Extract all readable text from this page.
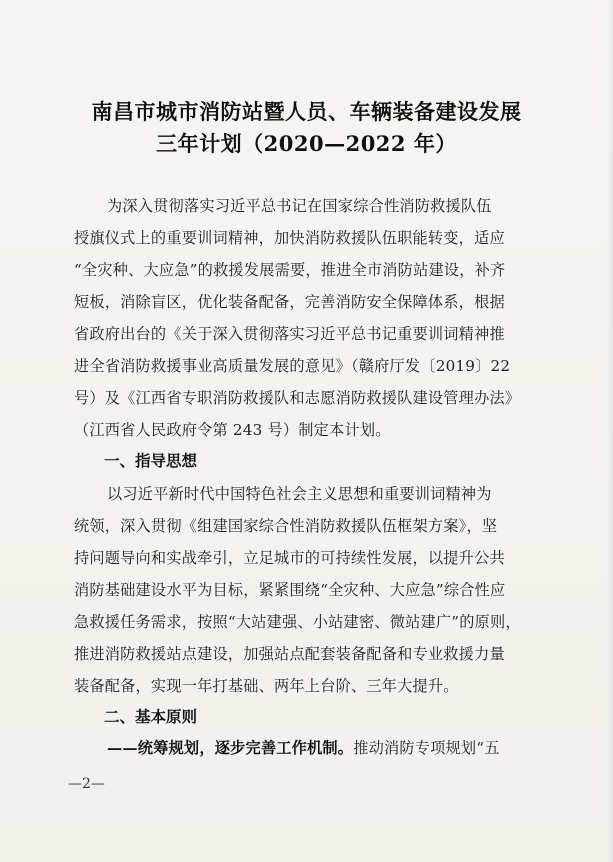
南昌市城市消防站暨人员、车辆装备建设发展
三年计划（2020—2022 年）
为深入贯彻落实习近平总书记在国家综合性消防救援队伍
授旗仪式上的重要训词精神，加快消防救援队伍职能转变，适应
“全灾种、大应急”的救援发展需要，推进全市消防站建设，补齐
短板，消除盲区，优化装备配备，完善消防安全保障体系，根据
省政府出台的《关于深入贯彻落实习近平总书记重要训词精神推
进全省消防救援事业高质量发展的意见》（赣府厅发〔2019〕22
号）及《江西省专职消防救援队和志愿消防救援队建设管理办法》
（江西省人民政府令第 243 号）制定本计划。
一、指导思想
以习近平新时代中国特色社会主义思想和重要训词精神为
统领，深入贯彻《组建国家综合性消防救援队伍框架方案》，坚
持问题导向和实战牵引，立足城市的可持续性发展，以提升公共
消防基础建设水平为目标，紧紧围绕“全灾种、大应急”综合性应
急救援任务需求，按照“大站建强、小站建密、微站建广”的原则，
推进消防救援站点建设，加强站点配套装备配备和专业救援力量
装备配备，实现一年打基础、两年上台阶、三年大提升。
二、基本原则
——统筹规划，逐步完善工作机制。推动消防专项规划“五
—2—
